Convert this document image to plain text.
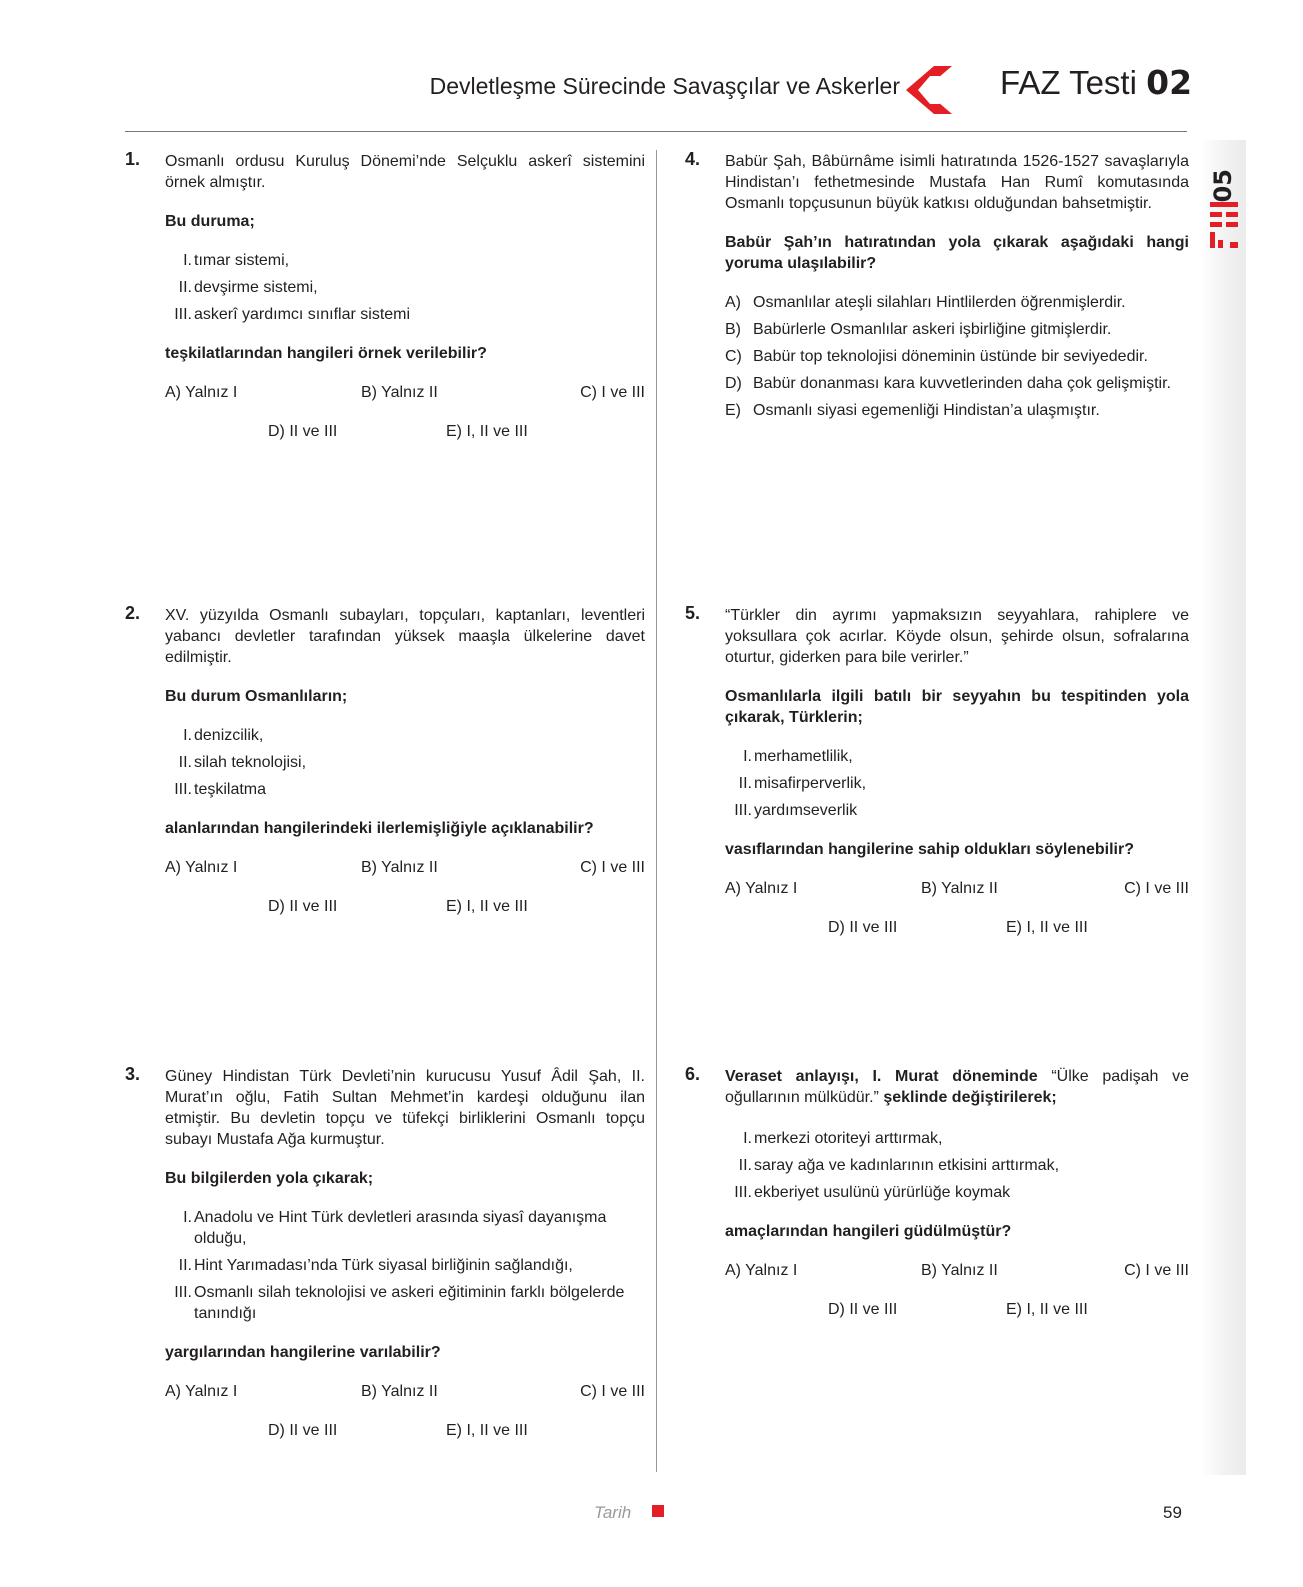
Devletleşme Sürecinde Savaşçılar ve Askerler	FAZ Testi 02
05
1. Osmanlı ordusu Kuruluş Dönemi’nde Selçuklu askerî sistemini örnek almıştır.
Bu duruma;
I. tımar sistemi,
II. devşirme sistemi,
III. askerî yardımcı sınıflar sistemi
teşkilatlarından hangileri örnek verilebilir?
A) Yalnız I	B) Yalnız II	C) I ve III
D) II ve III	E) I, II ve III
2. XV. yüzyılda Osmanlı subayları, topçuları, kaptanları, leventleri yabancı devletler tarafından yüksek maaşla ülkelerine davet edilmiştir.
Bu durum Osmanlıların;
I. denizcilik,
II. silah teknolojisi,
III. teşkilatma
alanlarından hangilerindeki ilerlemişliğiyle açıklanabilir?
A) Yalnız I	B) Yalnız II	C) I ve III
D) II ve III	E) I, II ve III
3. Güney Hindistan Türk Devleti’nin kurucusu Yusuf Âdil Şah, II. Murat’ın oğlu, Fatih Sultan Mehmet’in kardeşi olduğunu ilan etmiştir. Bu devletin topçu ve tüfekçi birliklerini Osmanlı topçu subayı Mustafa Ağa kurmuştur.
Bu bilgilerden yola çıkarak;
I. Anadolu ve Hint Türk devletleri arasında siyasî dayanışma olduğu,
II. Hint Yarımadası’nda Türk siyasal birliğinin sağlandığı,
III. Osmanlı silah teknolojisi ve askeri eğitiminin farklı bölgelerde tanındığı
yargılarından hangilerine varılabilir?
A) Yalnız I	B) Yalnız II	C) I ve III
D) II ve III	E) I, II ve III
4. Babür Şah, Bâbürnâme isimli hatıratında 1526-1527 savaşlarıyla Hindistan’ı fethetmesinde Mustafa Han Rumî komutasında Osmanlı topçusunun büyük katkısı olduğundan bahsetmiştir.
Babür Şah’ın hatıratından yola çıkarak aşağıdaki hangi yoruma ulaşılabilir?
A) Osmanlılar ateşli silahları Hintlilerden öğrenmişlerdir.
B) Babürlerle Osmanlılar askeri işbirliğine gitmişlerdir.
C) Babür top teknolojisi döneminin üstünde bir seviyededir.
D) Babür donanması kara kuvvetlerinden daha çok gelişmiştir.
E) Osmanlı siyasi egemenliği Hindistan’a ulaşmıştır.
5. “Türkler din ayrımı yapmaksızın seyyahlara, rahiplere ve yoksullara çok acırlar. Köyde olsun, şehirde olsun, sofralarına oturtur, giderken para bile verirler.”
Osmanlılarla ilgili batılı bir seyyahın bu tespitinden yola çıkarak, Türklerin;
I. merhametlilik,
II. misafirperverlik,
III. yardımseverlik
vasıflarından hangilerine sahip oldukları söylenebilir?
A) Yalnız I	B) Yalnız II	C) I ve III
D) II ve III	E) I, II ve III
6. Veraset anlayışı, I. Murat döneminde “Ülke padişah ve oğullarının mülküdür.” şeklinde değiştirilerek;
I. merkezi otoriteyi arttırmak,
II. saray ağa ve kadınlarının etkisini arttırmak,
III. ekberiyet usulünü yürürlüğe koymak
amaçlarından hangileri güdülmüştür?
A) Yalnız I	B) Yalnız II	C) I ve III
D) II ve III	E) I, II ve III
Tarih	59
